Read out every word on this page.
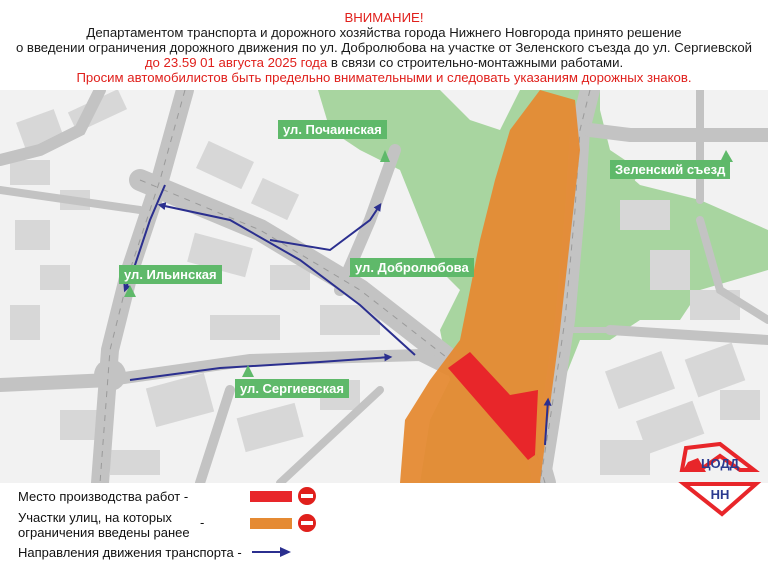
ВНИМАНИЕ!
Департаментом транспорта и дорожного хозяйства города Нижнего Новгорода принято решение
о введении ограничения дорожного движения по ул. Добролюбова на участке от Зеленского съезда до ул. Сергиевской
до 23.59 01 августа 2025 года в связи со строительно-монтажными работами.
Просим автомобилистов быть предельно внимательными и следовать указаниям дорожных знаков.
ул. Почаинская
Зеленский съезд
ул. Ильинская	ул. Добролюбова
ул. Сергиевская
Место производства работ -
Участки улиц, на которых
ограничения введены ранее
-
Направления движения транспорта -
ЦОДД
НН
